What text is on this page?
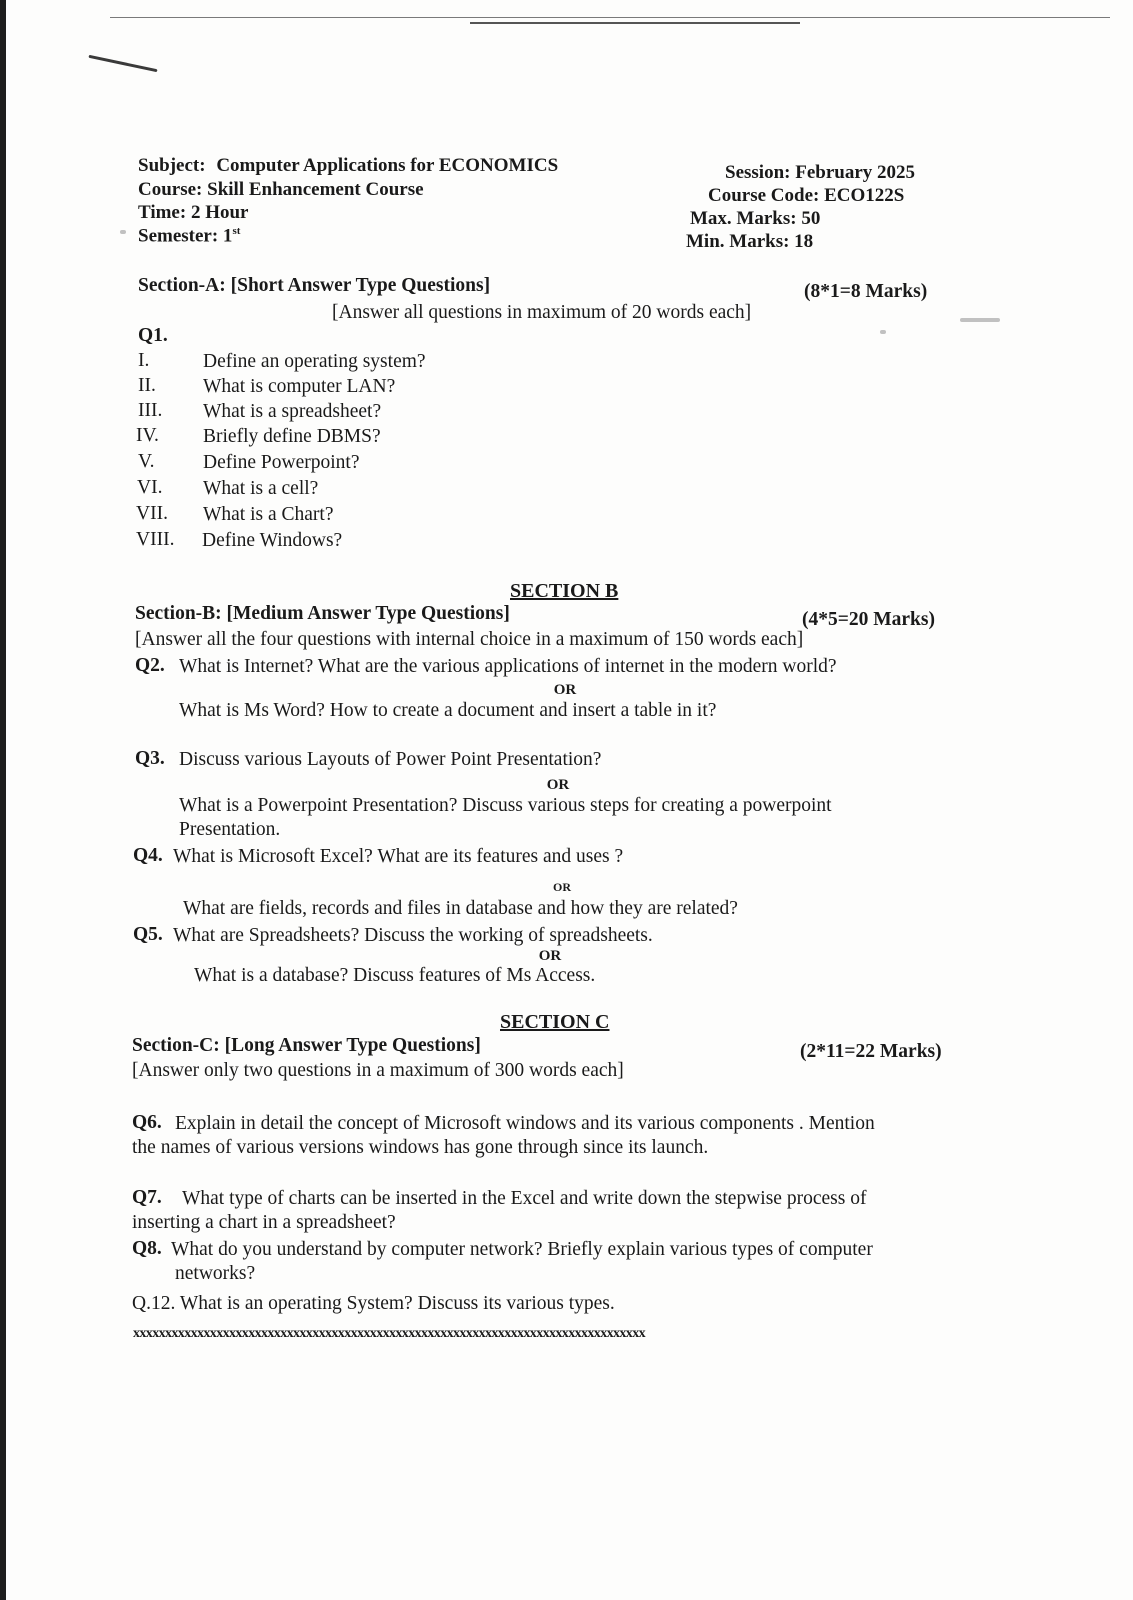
Subject: Computer Applications for ECONOMICS
Course: Skill Enhancement Course
Time: 2 Hour
Semester: 1st
Session: February 2025
Course Code: ECO122S
Max. Marks: 50
Min. Marks: 18
Section-A: [Short Answer Type Questions]	(8*1=8 Marks)
[Answer all questions in maximum of 20 words each]
Q1.
I.	Define an operating system?
II. What is computer LAN?
III. What is a spreadsheet?
IV. Briefly define DBMS?
V. Define Powerpoint?
VI. What is a cell?
VII. What is a Chart?
VIII. Define Windows?
SECTION B
Section-B: [Medium Answer Type Questions]	(4*5=20 Marks)
[Answer all the four questions with internal choice in a maximum of 150 words each]
Q2. What is Internet? What are the various applications of internet in the modern world?
OR
What is Ms Word? How to create a document and insert a table in it?
Q3. Discuss various Layouts of Power Point Presentation?
OR
What is a Powerpoint Presentation? Discuss various steps for creating a powerpoint
Presentation.
Q4. What is Microsoft Excel? What are its features and uses ?
OR
What are fields, records and files in database and how they are related?
Q5. What are Spreadsheets? Discuss the working of spreadsheets.
OR
What is a database? Discuss features of Ms Access.
SECTION C
Section-C: [Long Answer Type Questions]	(2*11=22 Marks)
[Answer only two questions in a maximum of 300 words each]
Q6. Explain in detail the concept of Microsoft windows and its various components . Mention
the names of various versions windows has gone through since its launch.
Q7. What type of charts can be inserted in the Excel and write down the stepwise process of
inserting a chart in a spreadsheet?
Q8. What do you understand by computer network? Briefly explain various types of computer
networks?
Q.12. What is an operating System? Discuss its various types.
xxxxxxxxxxxxxxxxxxxxxxxxxxxxxxxxxxxxxxxxxxxxxxxxxxxxxxxxxxxxxxxxxxxxxxxxxxxxxxxx
